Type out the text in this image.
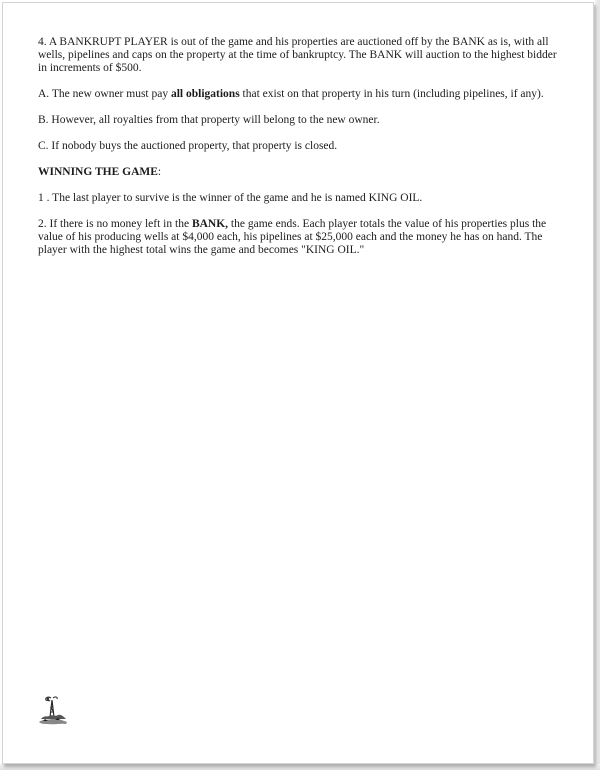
4. A BANKRUPT PLAYER is out of the game and his properties are auctioned off by the BANK as is, with all wells, pipelines and caps on the property at the time of bankruptcy. The BANK will auction to the highest bidder in increments of $500.

A. The new owner must pay all obligations that exist on that property in his turn (including pipelines, if any).

B. However, all royalties from that property will belong to the new owner.

C. If nobody buys the auctioned property, that property is closed.

WINNING THE GAME:

1 . The last player to survive is the winner of the game and he is named KING OIL.

2. If there is no money left in the BANK, the game ends. Each player totals the value of his properties plus the value of his producing wells at $4,000 each, his pipelines at $25,000 each and the money he has on hand. The player with the highest total wins the game and becomes "KING OIL."
